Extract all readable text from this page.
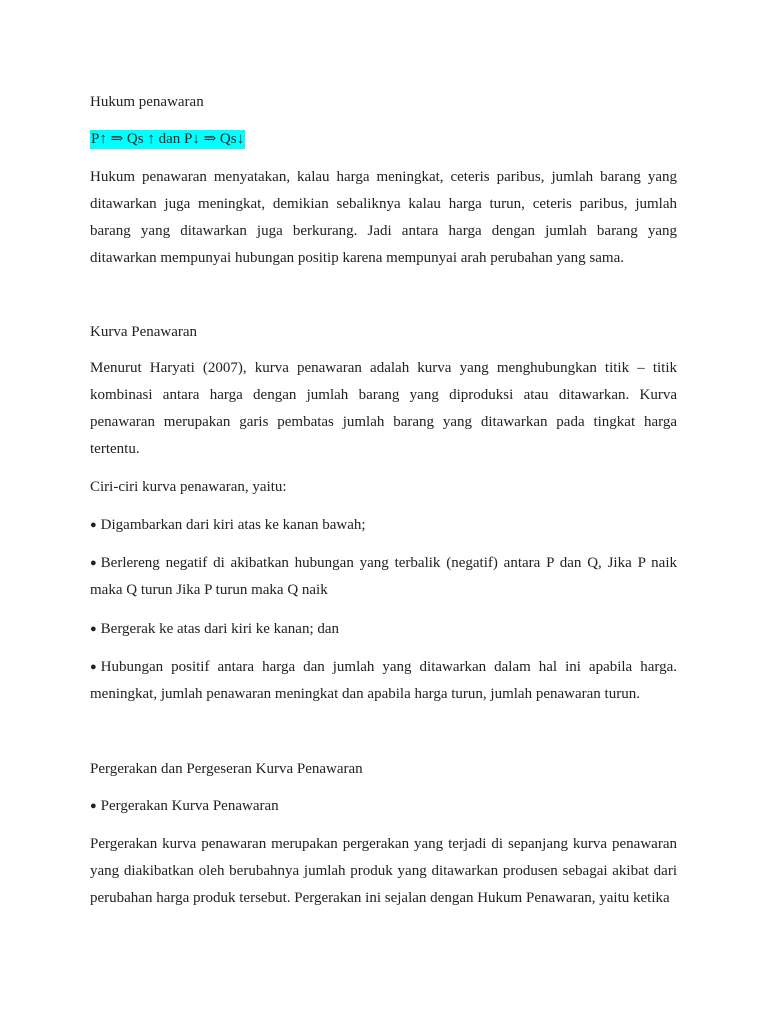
Hukum penawaran
P↑ ⇒ Qs ↑ dan P↓ ⇒ Qs↓
Hukum penawaran menyatakan, kalau harga meningkat, ceteris paribus, jumlah barang yang ditawarkan juga meningkat, demikian sebaliknya kalau harga turun, ceteris paribus, jumlah barang yang ditawarkan juga berkurang. Jadi antara harga dengan jumlah barang yang ditawarkan mempunyai hubungan positip karena mempunyai arah perubahan yang sama.
Kurva Penawaran
Menurut Haryati (2007), kurva penawaran adalah kurva yang menghubungkan titik – titik kombinasi antara harga dengan jumlah barang yang diproduksi atau ditawarkan. Kurva penawaran merupakan garis pembatas jumlah barang yang ditawarkan pada tingkat harga tertentu.
Ciri-ciri kurva penawaran, yaitu:
● Digambarkan dari kiri atas ke kanan bawah;
● Berlereng negatif di akibatkan hubungan yang terbalik (negatif) antara P dan Q, Jika P naik maka Q turun Jika P turun maka Q naik
● Bergerak ke atas dari kiri ke kanan; dan
● Hubungan positif antara harga dan jumlah yang ditawarkan dalam hal ini apabila harga. meningkat, jumlah penawaran meningkat dan apabila harga turun, jumlah penawaran turun.
Pergerakan dan Pergeseran Kurva Penawaran
● Pergerakan Kurva Penawaran
Pergerakan kurva penawaran merupakan pergerakan yang terjadi di sepanjang kurva penawaran yang diakibatkan oleh berubahnya jumlah produk yang ditawarkan produsen sebagai akibat dari perubahan harga produk tersebut. Pergerakan ini sejalan dengan Hukum Penawaran, yaitu ketika
